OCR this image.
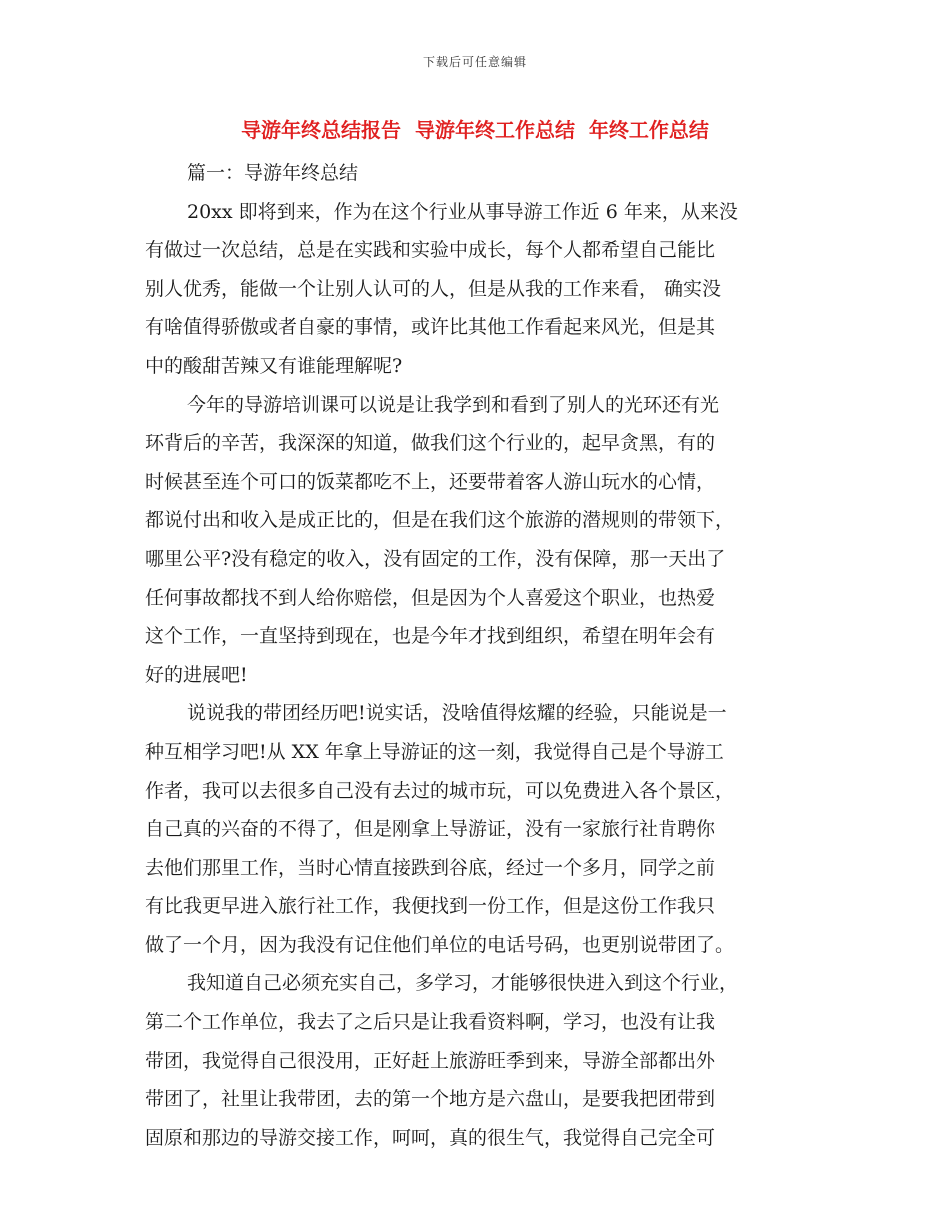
下载后可任意编辑
导游年终总结报告  导游年终工作总结  年终工作总结
篇一：导游年终总结
20xx 即将到来，作为在这个行业从事导游工作近 6 年来，从来没
有做过一次总结，总是在实践和实验中成长，每个人都希望自己能比
别人优秀，能做一个让别人认可的人，但是从我的工作来看， 确实没
有啥值得骄傲或者自豪的事情，或许比其他工作看起来风光，但是其
中的酸甜苦辣又有谁能理解呢?
今年的导游培训课可以说是让我学到和看到了别人的光环还有光
环背后的辛苦，我深深的知道，做我们这个行业的，起早贪黑，有的
时候甚至连个可口的饭菜都吃不上，还要带着客人游山玩水的心情，
都说付出和收入是成正比的，但是在我们这个旅游的潜规则的带领下，
哪里公平?没有稳定的收入，没有固定的工作，没有保障，那一天出了
任何事故都找不到人给你赔偿，但是因为个人喜爱这个职业，也热爱
这个工作，一直坚持到现在，也是今年才找到组织，希望在明年会有
好的进展吧!
说说我的带团经历吧!说实话，没啥值得炫耀的经验，只能说是一
种互相学习吧!从 XX 年拿上导游证的这一刻，我觉得自己是个导游工
作者，我可以去很多自己没有去过的城市玩，可以免费进入各个景区，
自己真的兴奋的不得了，但是刚拿上导游证，没有一家旅行社肯聘你
去他们那里工作，当时心情直接跌到谷底，经过一个多月，同学之前
有比我更早进入旅行社工作，我便找到一份工作，但是这份工作我只
做了一个月，因为我没有记住他们单位的电话号码，也更别说带团了。
我知道自己必须充实自己，多学习，才能够很快进入到这个行业，
第二个工作单位，我去了之后只是让我看资料啊，学习，也没有让我
带团，我觉得自己很没用，正好赶上旅游旺季到来，导游全部都出外
带团了，社里让我带团，去的第一个地方是六盘山，是要我把团带到
固原和那边的导游交接工作，呵呵，真的很生气，我觉得自己完全可
